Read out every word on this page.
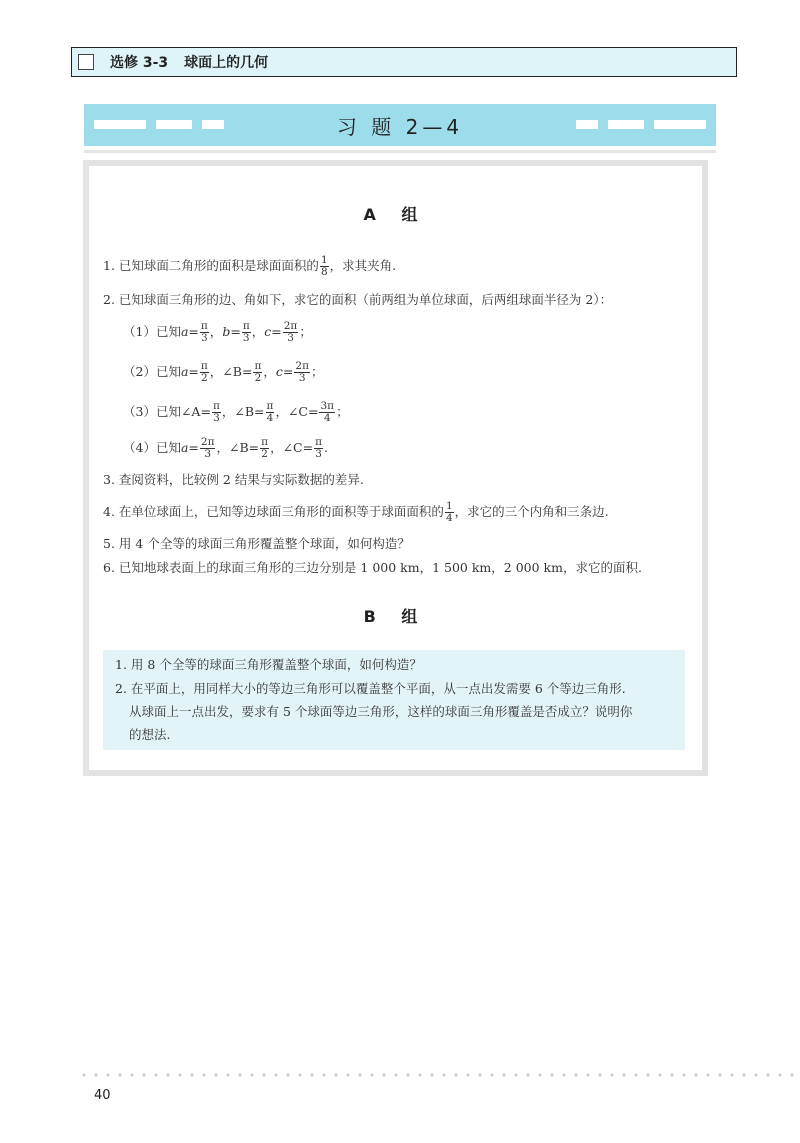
选修 3-3 球面上的几何
习 题 2—4
A 组
1. 已知球面二角形的面积是球面面积的 $\frac{1}{8}$ ，求其夹角.
2. 已知球面三角形的边、角如下，求它的面积（前两组为单位球面，后两组球面半径为 2）：
（1）已知$a= \frac{\pi}{3}$ ，$b= \frac{\pi}{3}$ ，$c= \frac{2\pi}{3}$ ；
（2）已知$a= \frac{\pi}{2}$ ，∠B= $\frac{\pi}{2}$ ，$c= \frac{2\pi}{3}$ ；
（3）已知∠A= $\frac{\pi}{3}$ ，∠B= $\frac{\pi}{4}$ ，∠C= $\frac{3\pi}{4}$ ；
（4）已知$a= \frac{2\pi}{3}$ ，∠B= $\frac{\pi}{2}$ ，∠C= $\frac{\pi}{3}$ .
3. 查阅资料，比较例 2 结果与实际数据的差异.
4. 在单位球面上，已知等边球面三角形的面积等于球面面积的 $\frac{1}{4}$ ，求它的三个内角和三条边.
5. 用 4 个全等的球面三角形覆盖整个球面，如何构造？
6. 已知地球表面上的球面三角形的三边分别是 1 000 km，1 500 km，2 000 km，求它的面积.
B 组
1. 用 8 个全等的球面三角形覆盖整个球面，如何构造？
2. 在平面上，用同样大小的等边三角形可以覆盖整个平面，从一点出发需要 6 个等边三角形.
从球面上一点出发，要求有 5 个球面等边三角形，这样的球面三角形覆盖是否成立？说明你
的想法.
40
